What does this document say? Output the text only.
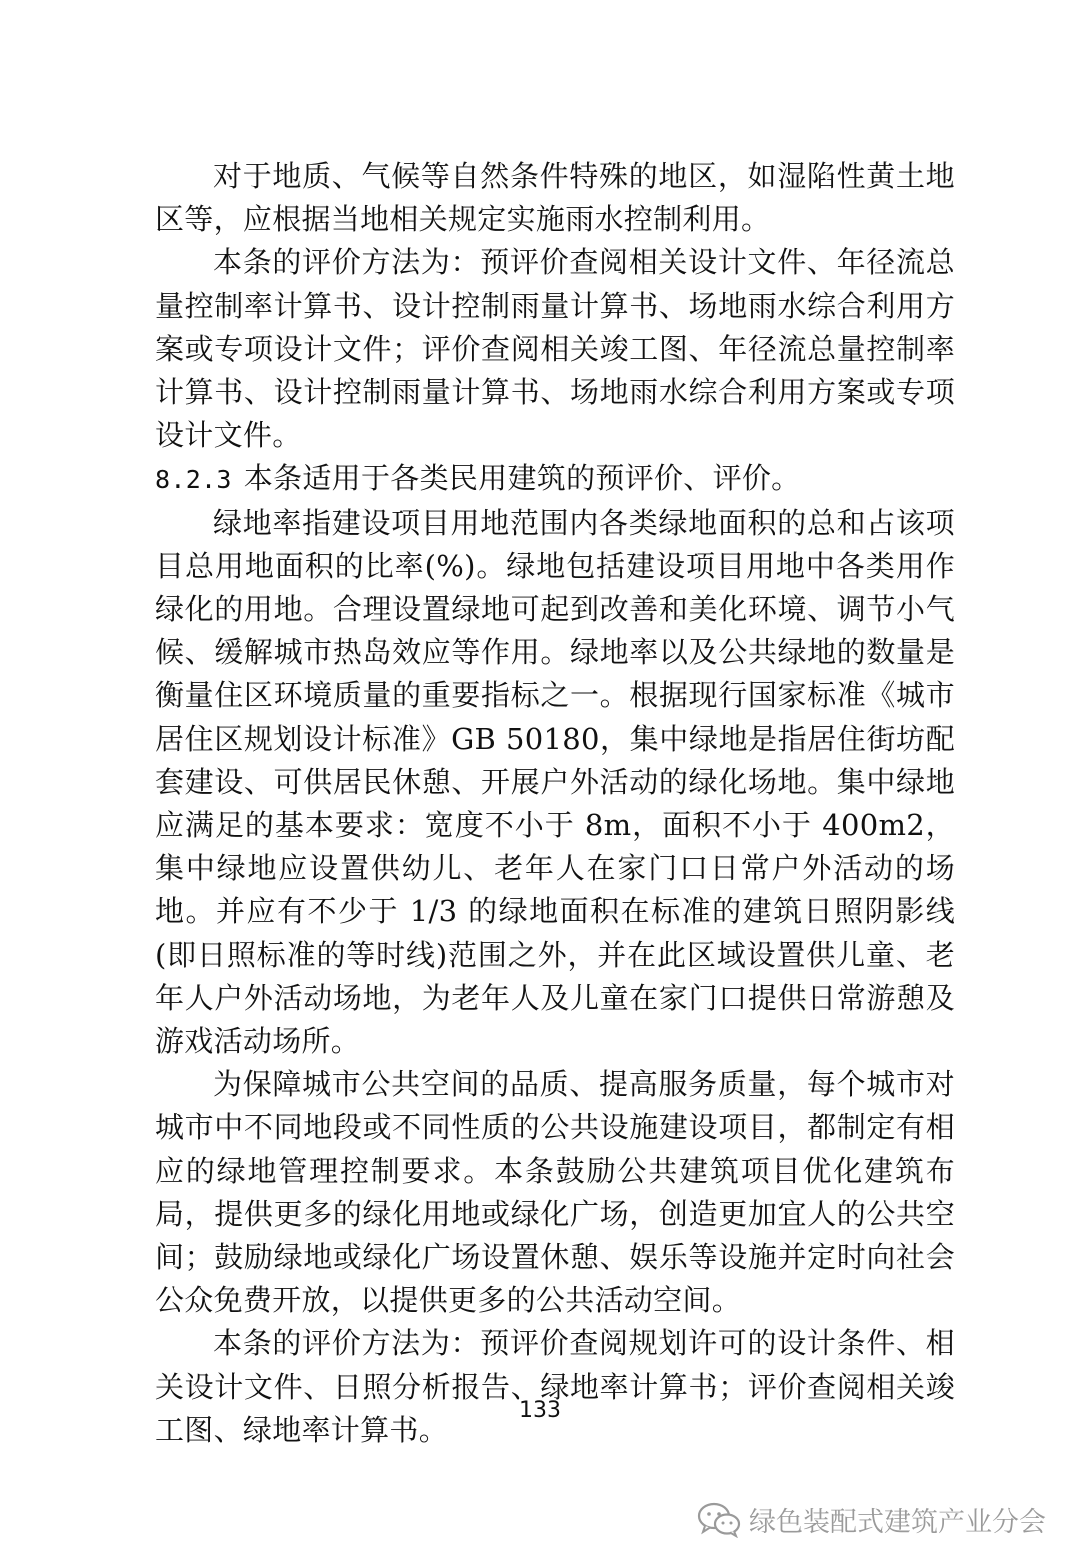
对于地质、气候等自然条件特殊的地区，如湿陷性黄土地区等，应根据当地相关规定实施雨水控制利用。

本条的评价方法为：预评价查阅相关设计文件、年径流总量控制率计算书、设计控制雨量计算书、场地雨水综合利用方案或专项设计文件；评价查阅相关竣工图、年径流总量控制率计算书、设计控制雨量计算书、场地雨水综合利用方案或专项设计文件。

8.2.3 本条适用于各类民用建筑的预评价、评价。

绿地率指建设项目用地范围内各类绿地面积的总和占该项目总用地面积的比率(%)。绿地包括建设项目用地中各类用作绿化的用地。合理设置绿地可起到改善和美化环境、调节小气候、缓解城市热岛效应等作用。绿地率以及公共绿地的数量是衡量住区环境质量的重要指标之一。根据现行国家标准《城市居住区规划设计标准》GB 50180，集中绿地是指居住街坊配套建设、可供居民休憩、开展户外活动的绿化场地。集中绿地应满足的基本要求：宽度不小于 8m，面积不小于 400m2，集中绿地应设置供幼儿、老年人在家门口日常户外活动的场地。并应有不少于 1/3 的绿地面积在标准的建筑日照阴影线(即日照标准的等时线)范围之外，并在此区域设置供儿童、老年人户外活动场地，为老年人及儿童在家门口提供日常游憩及游戏活动场所。

为保障城市公共空间的品质、提高服务质量，每个城市对城市中不同地段或不同性质的公共设施建设项目，都制定有相应的绿地管理控制要求。本条鼓励公共建筑项目优化建筑布局，提供更多的绿化用地或绿化广场，创造更加宜人的公共空间；鼓励绿地或绿化广场设置休憩、娱乐等设施并定时向社会公众免费开放，以提供更多的公共活动空间。

本条的评价方法为：预评价查阅规划许可的设计条件、相关设计文件、日照分析报告、绿地率计算书；评价查阅相关竣工图、绿地率计算书。

133
绿色装配式建筑产业分会
